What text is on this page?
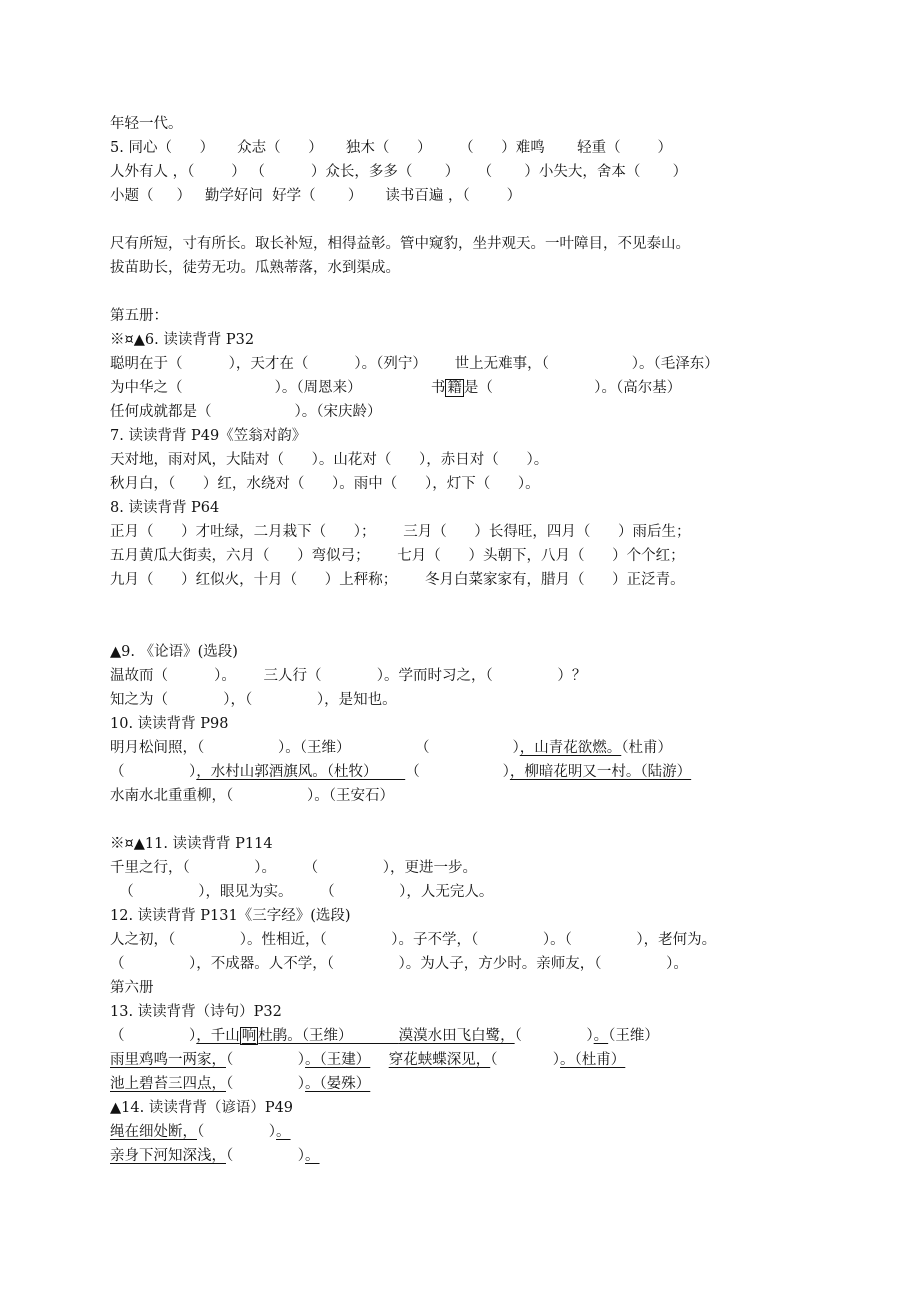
年轻一代。
5. 同心（      ）     众志（      ）     独木（      ）      （      ）难鸣       轻重（        ）
人外有人 ，（        ） （          ）众长，多多（       ）    （       ）小失大，舍本（       ）
小题（     ）   勤学好问  好学（       ）     读书百遍 ，（        ）
尺有所短，寸有所长。取长补短，相得益彰。管中窥豹，坐井观天。一叶障目，不见泰山。
拔苗助长，徒劳无功。瓜熟蒂落，水到渠成。
第五册：
※¤▲6. 读读背背 P32
聪明在于（          ），天才在（          ）。（列宁）      世上无难事，（                  ）。（毛泽东）
为中华之（                    ）。（周恩来）               书 籍 是（                      ）。（高尔基）
任何成就都是（                  ）。（宋庆龄）
7. 读读背背 P49《笠翁对韵》
天对地，雨对风，大陆对（      ）。山花对（      ），赤日对（      ）。
秋月白，（      ）红，水绕对（      ）。雨中（      ），灯下（      ）。
8. 读读背背 P64
正月（      ）才吐绿，二月栽下（      ）；      三月（      ）长得旺，四月（      ）雨后生；
五月黄瓜大街卖，六月（      ）弯似弓；      七月（      ）头朝下，八月（      ）个个红；
九月（      ）红似火，十月（      ）上秤称；      冬月白菜家家有，腊月（      ）正泛青。
▲9. 《论语》(选段)
温故而（          ）。      三人行（            ）。学而时习之，（              ）？
知之为（            ），（              ），是知也。
10. 读读背背 P98
明月松间照，（                ）。（王维）              （                  ），山青花欲燃。（杜甫）
（              ），水村山郭酒旗风。（杜牧）      （                  ），柳暗花明又一村。（陆游）
水南水北重重柳，（                ）。（王安石）
※¤▲11. 读读背背 P114
千里之行，（              ）。      （              ），更进一步。
（              ），眼见为实。      （              ），人无完人。
12. 读读背背 P131《三字经》(选段)
人之初，（              ）。性相近，（              ）。子不学，（              ）。（              ），老何为。
（              ），不成器。人不学，（              ）。为人子，方少时。亲师友，（              ）。
第六册
13. 读读背背（诗句）P32
（              ），千山 响 杜鹃。（王维）          漠漠水田飞白鹭，（              ）。（王维）
雨里鸡鸣一两家，（              ）。（王建） 穿花蛱蝶深见，（            ）。（杜甫）
池上碧苔三四点，（              ）。（晏殊）
▲14. 读读背背（谚语）P49
绳在细处断，（              ）。
亲身下河知深浅，（              ）。
